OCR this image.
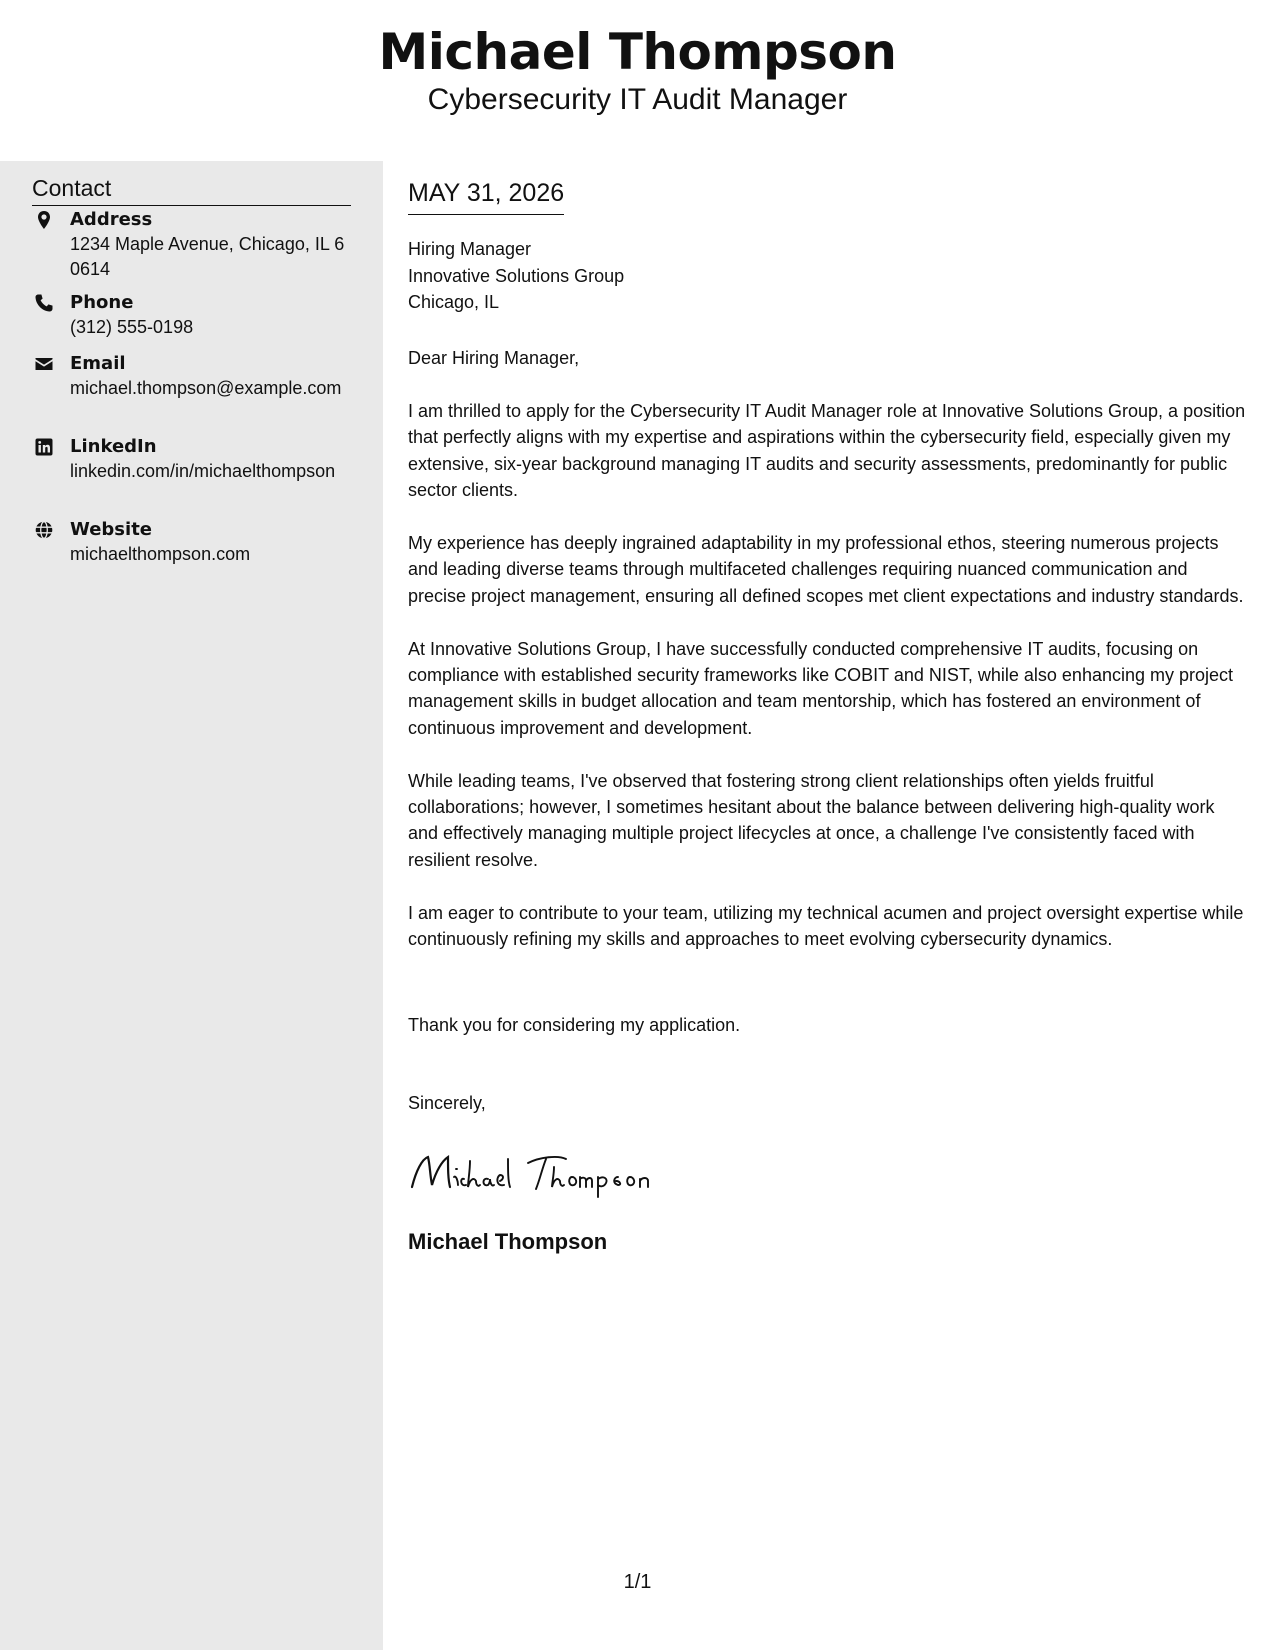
Michael Thompson
Cybersecurity IT Audit Manager
Contact
Address
1234 Maple Avenue, Chicago, IL 60614
Phone
(312) 555-0198
Email
michael.thompson@example.com
LinkedIn
linkedin.com/in/michaelthompson
Website
michaelthompson.com
MAY 31, 2026
Hiring Manager
Innovative Solutions Group
Chicago, IL
Dear Hiring Manager,

I am thrilled to apply for the Cybersecurity IT Audit Manager role at Innovative Solutions Group, a position that perfectly aligns with my expertise and aspirations within the cybersecurity field, especially given my extensive, six-year background managing IT audits and security assessments, predominantly for public sector clients.

My experience has deeply ingrained adaptability in my professional ethos, steering numerous projects and leading diverse teams through multifaceted challenges requiring nuanced communication and precise project management, ensuring all defined scopes met client expectations and industry standards.

At Innovative Solutions Group, I have successfully conducted comprehensive IT audits, focusing on compliance with established security frameworks like COBIT and NIST, while also enhancing my project management skills in budget allocation and team mentorship, which has fostered an environment of continuous improvement and development.

While leading teams, I've observed that fostering strong client relationships often yields fruitful collaborations; however, I sometimes hesitant about the balance between delivering high-quality work and effectively managing multiple project lifecycles at once, a challenge I've consistently faced with resilient resolve.

I am eager to contribute to your team, utilizing my technical acumen and project oversight expertise while continuously refining my skills and approaches to meet evolving cybersecurity dynamics.

Thank you for considering my application.
Sincerely,
Michael Thompson
1/1
